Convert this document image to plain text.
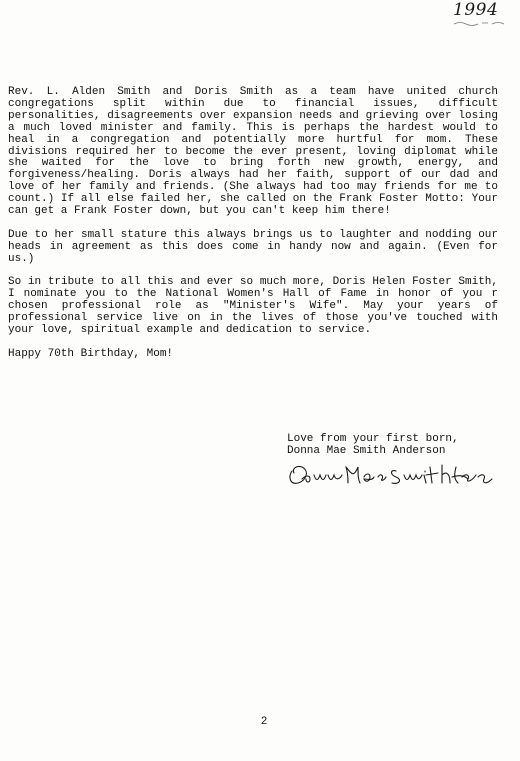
1994

Rev. L. Alden Smith and Doris Smith as a team have united church congregations split within due to financial issues, difficult personalities, disagreements over expansion needs and grieving over losing a much loved minister and family. This is perhaps the hardest would to heal in a congregation and potentially more hurtful for mom. These divisions required her to become the ever present, loving diplomat while she waited for the love to bring forth new growth, energy, and forgiveness/healing. Doris always had her faith, support of our dad and love of her family and friends. (She always had too may friends for me to count.) If all else failed her, she called on the Frank Foster Motto: Your can get a Frank Foster down, but you can't keep him there!

Due to her small stature this always brings us to laughter and nodding our heads in agreement as this does come in handy now and again. (Even for us.)

So in tribute to all this and ever so much more, Doris Helen Foster Smith, I nominate you to the National Women's Hall of Fame in honor of you r chosen professional role as "Minister's Wife". May your years of professional service live on in the lives of those you've touched with your love, spiritual example and dedication to service.

Happy 70th Birthday, Mom!

Love from your first born,
Donna Mae Smith Anderson
2
